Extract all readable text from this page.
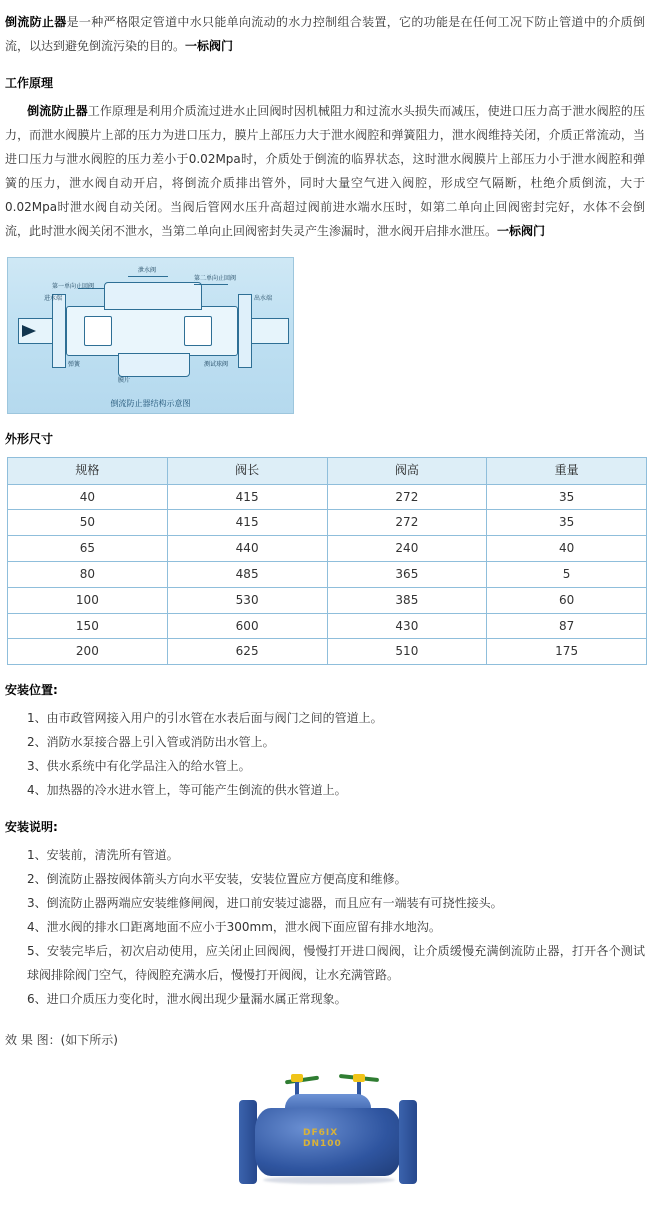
倒流防止器是一种严格限定管道中水只能单向流动的水力控制组合装置，它的功能是在任何工况下防止管道中的介质倒流，以达到避免倒流污染的目的。一标阀门

工作原理

倒流防止器工作原理是利用介质流过进水止回阀时因机械阻力和过流水头损失而减压，使进口压力高于泄水阀腔的压力，而泄水阀膜片上部的压力为进口压力，膜片上部压力大于泄水阀腔和弹簧阻力，泄水阀维持关闭，介质正常流动，当进口压力与泄水阀腔的压力差小于0.02Mpa时，介质处于倒流的临界状态，这时泄水阀膜片上部压力小于泄水阀腔和弹簧的压力，泄水阀自动开启，将倒流介质排出管外，同时大量空气进入阀腔，形成空气隔断，杜绝介质倒流，大于0.02Mpa时泄水阀自动关闭。当阀后管网水压升高超过阀前进水端水压时，如第二单向止回阀密封完好，水体不会倒流，此时泄水阀关闭不泄水，当第二单向止回阀密封失灵产生渗漏时，泄水阀开启排水泄压。一标阀门

进水端
第一单向止回阀
泄水阀
第二单向止回阀
出水端
测试球阀
弹簧
膜片
倒流防止器结构示意图
外形尺寸
规格	阀长	阀高	重量
40	415	272	35
50	415	272	35
65	440	240	40
80	485	365	5
100	530	385	60
150	600	430	87
200	625	510	175
安装位置:
1、由市政管网接入用户的引水管在水表后面与阀门之间的管道上。
2、消防水泵接合器上引入管或消防出水管上。
3、供水系统中有化学品注入的给水管上。
4、加热器的冷水进水管上，等可能产生倒流的供水管道上。
安装说明:
1、安装前，清洗所有管道。
2、倒流防止器按阀体箭头方向水平安装，安装位置应方便高度和维修。
3、倒流防止器两端应安装维修闸阀，进口前安装过滤器，而且应有一端装有可挠性接头。
4、泄水阀的排水口距离地面不应小于300mm，泄水阀下面应留有排水地沟。
5、安装完毕后，初次启动使用，应关闭止回阀阀，慢慢打开进口阀阀，让介质缓慢充满倒流防止器，打开各个测试球阀排除阀门空气，待阀腔充满水后，慢慢打开阀阀，让水充满管路。
6、进口介质压力变化时，泄水阀出现少量漏水属正常现象。
效 果 图：(如下所示)
DF6IX
DN100
